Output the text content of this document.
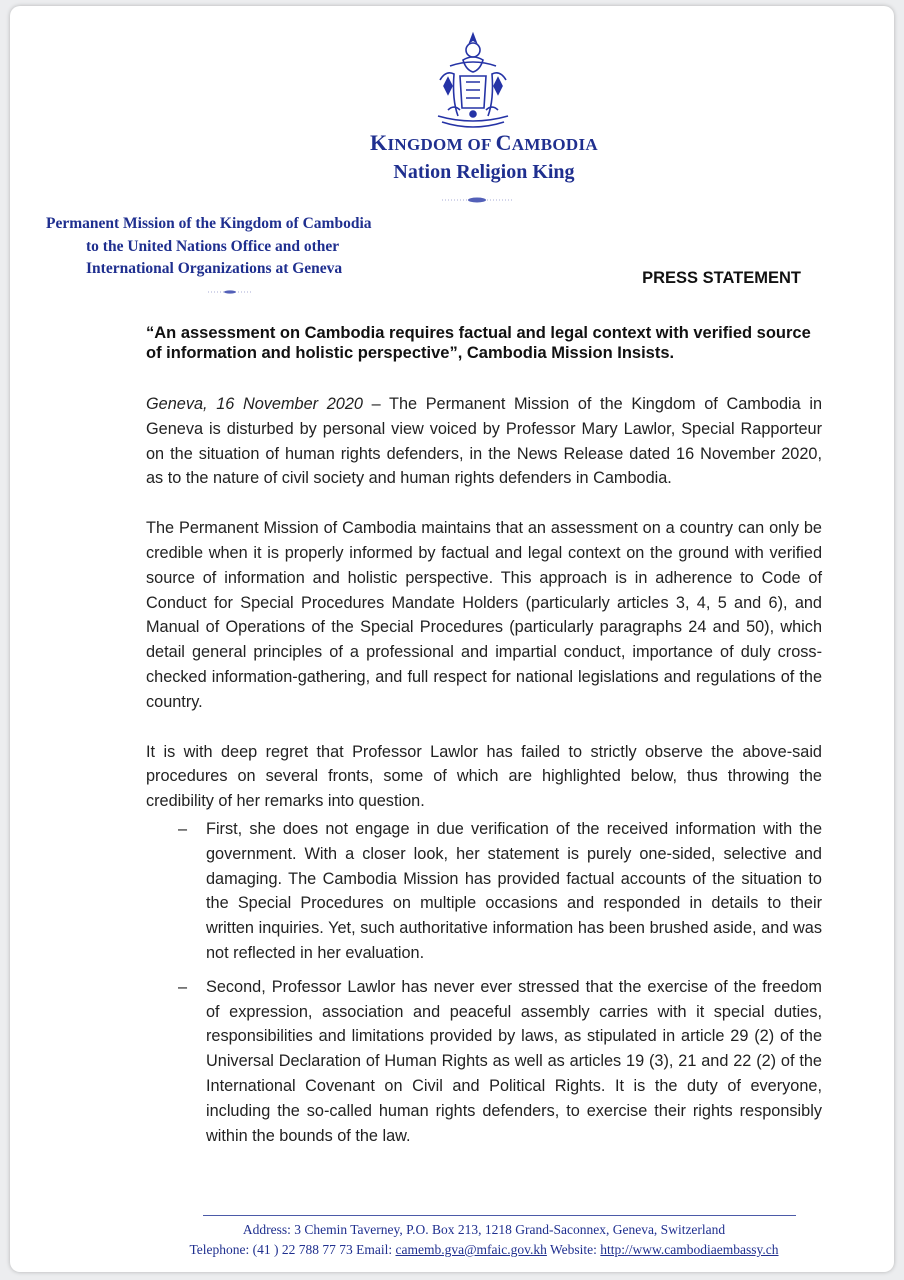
KINGDOM OF CAMBODIA
Nation Religion King
Permanent Mission of the Kingdom of Cambodia
to the United Nations Office and other
International Organizations at Geneva
PRESS STATEMENT
“An assessment on Cambodia requires factual and legal context with verified source of information and holistic perspective”, Cambodia Mission Insists.

Geneva, 16 November 2020 – The Permanent Mission of the Kingdom of Cambodia in Geneva is disturbed by personal view voiced by Professor Mary Lawlor, Special Rapporteur on the situation of human rights defenders, in the News Release dated 16 November 2020, as to the nature of civil society and human rights defenders in Cambodia.

The Permanent Mission of Cambodia maintains that an assessment on a country can only be credible when it is properly informed by factual and legal context on the ground with verified source of information and holistic perspective. This approach is in adherence to Code of Conduct for Special Procedures Mandate Holders (particularly articles 3, 4, 5 and 6), and Manual of Operations of the Special Procedures (particularly paragraphs 24 and 50), which detail general principles of a professional and impartial conduct, importance of duly cross-checked information-gathering, and full respect for national legislations and regulations of the country.

It is with deep regret that Professor Lawlor has failed to strictly observe the above-said procedures on several fronts, some of which are highlighted below, thus throwing the credibility of her remarks into question.

– First, she does not engage in due verification of the received information with the government. With a closer look, her statement is purely one-sided, selective and damaging. The Cambodia Mission has provided factual accounts of the situation to the Special Procedures on multiple occasions and responded in details to their written inquiries. Yet, such authoritative information has been brushed aside, and was not reflected in her evaluation.
– Second, Professor Lawlor has never ever stressed that the exercise of the freedom of expression, association and peaceful assembly carries with it special duties, responsibilities and limitations provided by laws, as stipulated in article 29 (2) of the Universal Declaration of Human Rights as well as articles 19 (3), 21 and 22 (2) of the International Covenant on Civil and Political Rights. It is the duty of everyone, including the so-called human rights defenders, to exercise their rights responsibly within the bounds of the law.
Address: 3 Chemin Taverney, P.O. Box 213, 1218 Grand-Saconnex, Geneva, Switzerland
Telephone: (41 ) 22 788 77 73 Email: camemb.gva@mfaic.gov.kh Website: http://www.cambodiaembassy.ch
